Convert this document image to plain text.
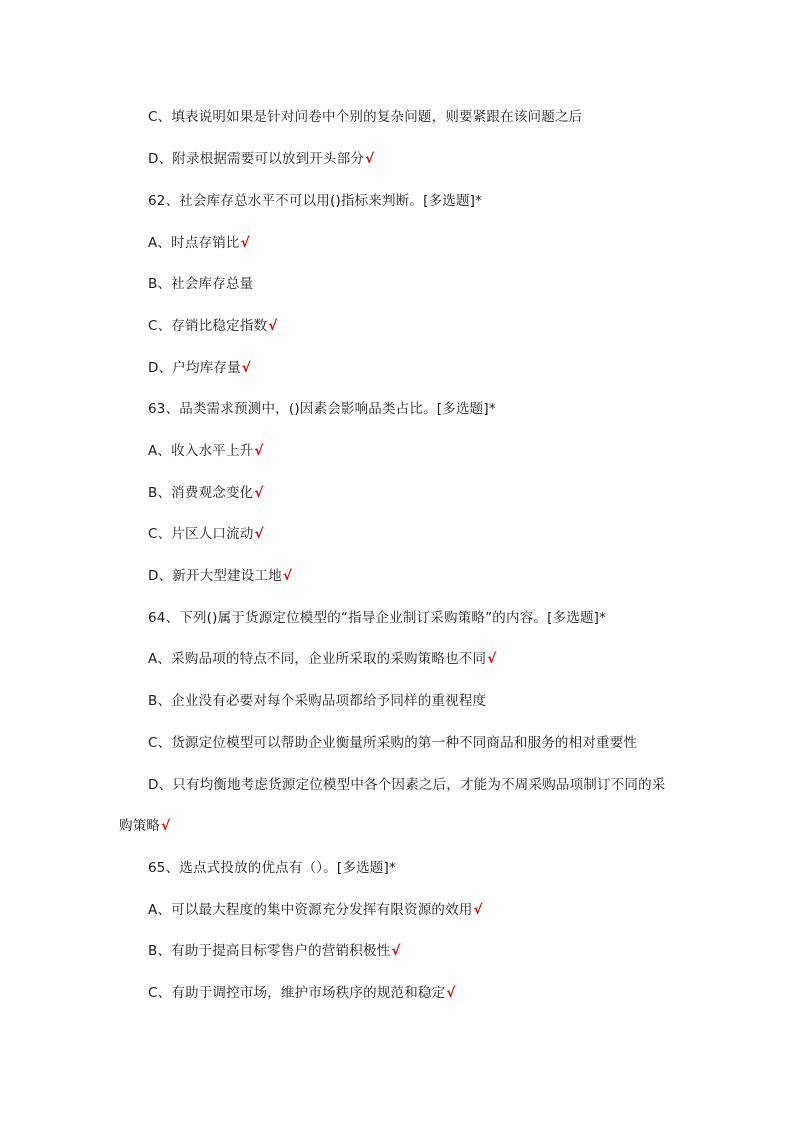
C、填表说明如果是针对问卷中个别的复杂问题，则要紧跟在该问题之后
D、附录根据需要可以放到开头部分√
62、社会库存总水平不可以用()指标来判断。[多选题]*
A、时点存销比√
B、社会库存总量
C、存销比稳定指数√
D、户均库存量√
63、品类需求预测中，()因素会影响品类占比。[多选题]*
A、收入水平上升√
B、消费观念变化√
C、片区人口流动√
D、新开大型建设工地√
64、下列()属于货源定位模型的“指导企业制订采购策略”的内容。[多选题]*
A、采购品项的特点不同，企业所采取的采购策略也不同√
B、企业没有必要对每个采购品项都给予同样的重视程度
C、货源定位模型可以帮助企业衡量所采购的第一种不同商品和服务的相对重要性
D、只有均衡地考虑货源定位模型中各个因素之后，才能为不周采购品项制订不同的采
购策略√
65、选点式投放的优点有（）。[多选题]*
A、可以最大程度的集中资源充分发挥有限资源的效用√
B、有助于提高目标零售户的营销积极性√
C、有助于调控市场，维护市场秩序的规范和稳定√
